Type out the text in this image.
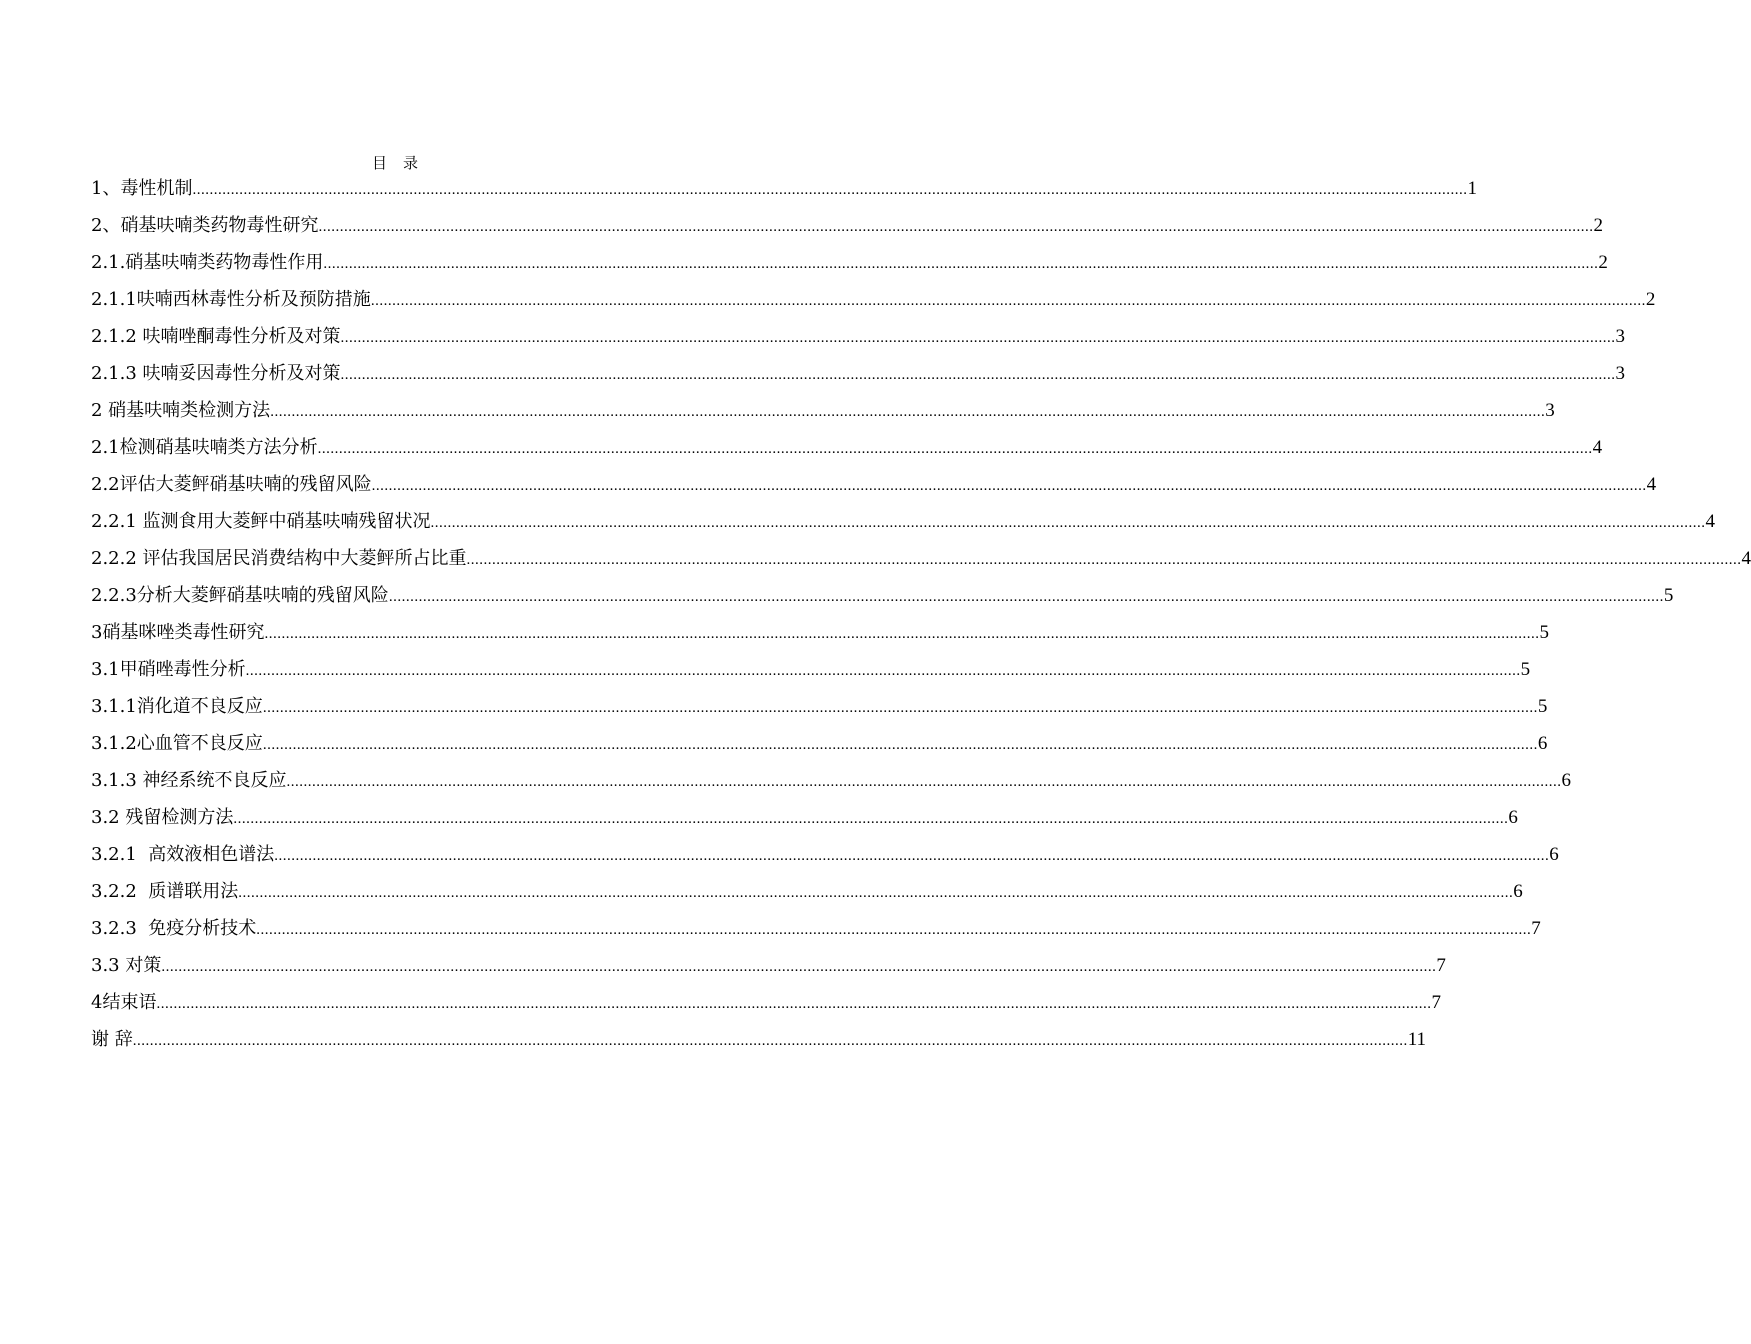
目录
1、毒性机制 ............................................................................................................................................................................................................................................................................................................ 1
2、硝基呋喃类药物毒性研究 ............................................................................................................................................................................................................................................................................................................ 2
2.1.硝基呋喃类药物毒性作用 ............................................................................................................................................................................................................................................................................................................ 2
2.1.1呋喃西林毒性分析及预防措施 ............................................................................................................................................................................................................................................................................................................ 2
2.1.2 呋喃唑酮毒性分析及对策 ............................................................................................................................................................................................................................................................................................................ 3
2.1.3 呋喃妥因毒性分析及对策 ............................................................................................................................................................................................................................................................................................................ 3
2 硝基呋喃类检测方法 ............................................................................................................................................................................................................................................................................................................ 3
2.1检测硝基呋喃类方法分析 ............................................................................................................................................................................................................................................................................................................ 4
2.2评估大菱鲆硝基呋喃的残留风险 ............................................................................................................................................................................................................................................................................................................ 4
2.2.1 监测食用大菱鲆中硝基呋喃残留状况 ............................................................................................................................................................................................................................................................................................................ 4
2.2.2 评估我国居民消费结构中大菱鲆所占比重 ............................................................................................................................................................................................................................................................................................................ 4
2.2.3分析大菱鲆硝基呋喃的残留风险 ............................................................................................................................................................................................................................................................................................................ 5
3硝基咪唑类毒性研究 ............................................................................................................................................................................................................................................................................................................ 5
3.1甲硝唑毒性分析 ............................................................................................................................................................................................................................................................................................................ 5
3.1.1消化道不良反应 ............................................................................................................................................................................................................................................................................................................ 5
3.1.2心血管不良反应 ............................................................................................................................................................................................................................................................................................................ 6
3.1.3 神经系统不良反应 ............................................................................................................................................................................................................................................................................................................ 6
3.2 残留检测方法 ............................................................................................................................................................................................................................................................................................................ 6
3.2.1  高效液相色谱法 ............................................................................................................................................................................................................................................................................................................ 6
3.2.2  质谱联用法 ............................................................................................................................................................................................................................................................................................................ 6
3.2.3  免疫分析技术 ............................................................................................................................................................................................................................................................................................................ 7
3.3 对策 ............................................................................................................................................................................................................................................................................................................ 7
4结束语 ............................................................................................................................................................................................................................................................................................................ 7
谢 辞 ............................................................................................................................................................................................................................................................................................................ 11
